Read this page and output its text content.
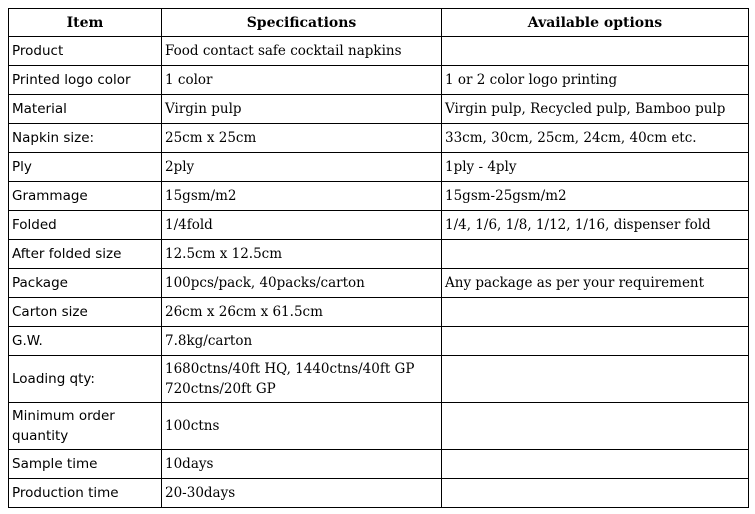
Item	Specifications	Available options
Product	Food contact safe cocktail napkins	
Printed logo color	1 color	1 or 2 color logo printing
Material	Virgin pulp	Virgin pulp, Recycled pulp, Bamboo pulp
Napkin size:	25cm x 25cm	33cm, 30cm, 25cm, 24cm, 40cm etc.
Ply	2ply	1ply - 4ply
Grammage	15gsm/m2	15gsm-25gsm/m2
Folded	1/4fold	1/4, 1/6, 1/8, 1/12, 1/16, dispenser fold
After folded size	12.5cm x 12.5cm	
Package	100pcs/pack, 40packs/carton	Any package as per your requirement
Carton size	26cm x 26cm x 61.5cm	
G.W.	7.8kg/carton	
Loading qty:	1680ctns/40ft HQ, 1440ctns/40ft GP 720ctns/20ft GP	
Minimum order quantity	100ctns	
Sample time	10days	
Production time	20-30days	
